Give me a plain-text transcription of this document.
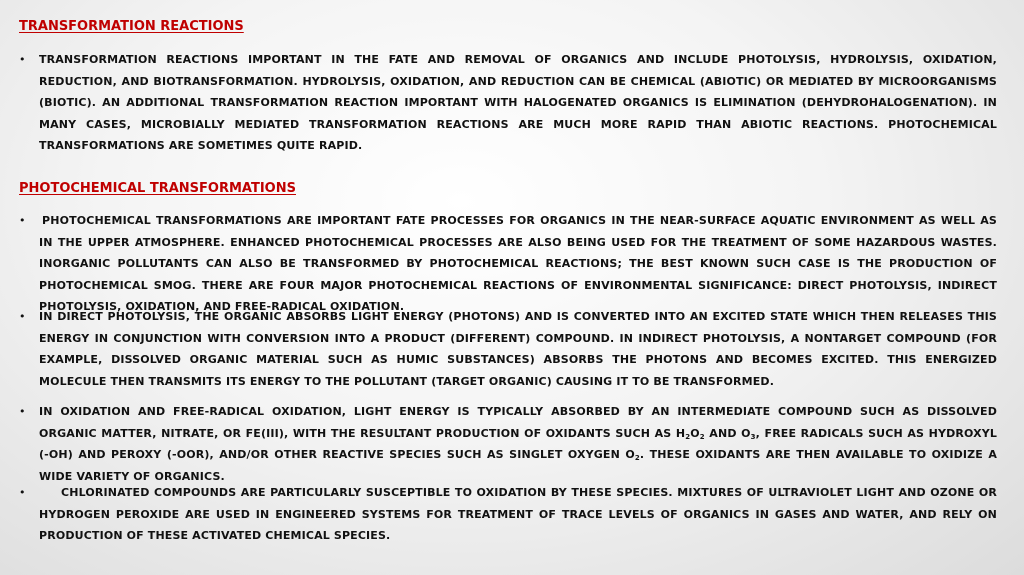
TRANSFORMATION REACTIONS
• TRANSFORMATION REACTIONS IMPORTANT IN THE FATE AND REMOVAL OF ORGANICS AND INCLUDE PHOTOLYSIS, HYDROLYSIS, OXIDATION, REDUCTION, AND BIOTRANSFORMATION. HYDROLYSIS, OXIDATION, AND REDUCTION CAN BE CHEMICAL (ABIOTIC) OR MEDIATED BY MICROORGANISMS (BIOTIC). AN ADDITIONAL TRANSFORMATION REACTION IMPORTANT WITH HALOGENATED ORGANICS IS ELIMINATION (DEHYDROHALOGENATION). IN MANY CASES, MICROBIALLY MEDIATED TRANSFORMATION REACTIONS ARE MUCH MORE RAPID THAN ABIOTIC REACTIONS. PHOTOCHEMICAL TRANSFORMATIONS ARE SOMETIMES QUITE RAPID.
PHOTOCHEMICAL TRANSFORMATIONS
• PHOTOCHEMICAL TRANSFORMATIONS ARE IMPORTANT FATE PROCESSES FOR ORGANICS IN THE NEAR-SURFACE AQUATIC ENVIRONMENT AS WELL AS IN THE UPPER ATMOSPHERE. ENHANCED PHOTOCHEMICAL PROCESSES ARE ALSO BEING USED FOR THE TREATMENT OF SOME HAZARDOUS WASTES. INORGANIC POLLUTANTS CAN ALSO BE TRANSFORMED BY PHOTOCHEMICAL REACTIONS; THE BEST KNOWN SUCH CASE IS THE PRODUCTION OF PHOTOCHEMICAL SMOG. THERE ARE FOUR MAJOR PHOTOCHEMICAL REACTIONS OF ENVIRONMENTAL SIGNIFICANCE: DIRECT PHOTOLYSIS, INDIRECT PHOTOLYSIS, OXIDATION, AND FREE-RADICAL OXIDATION.
• IN DIRECT PHOTOLYSIS, THE ORGANIC ABSORBS LIGHT ENERGY (PHOTONS) AND IS CONVERTED INTO AN EXCITED STATE WHICH THEN RELEASES THIS ENERGY IN CONJUNCTION WITH CONVERSION INTO A PRODUCT (DIFFERENT) COMPOUND. IN INDIRECT PHOTOLYSIS, A NONTARGET COMPOUND (FOR EXAMPLE, DISSOLVED ORGANIC MATERIAL SUCH AS HUMIC SUBSTANCES) ABSORBS THE PHOTONS AND BECOMES EXCITED. THIS ENERGIZED MOLECULE THEN TRANSMITS ITS ENERGY TO THE POLLUTANT (TARGET ORGANIC) CAUSING IT TO BE TRANSFORMED.
• IN OXIDATION AND FREE-RADICAL OXIDATION, LIGHT ENERGY IS TYPICALLY ABSORBED BY AN INTERMEDIATE COMPOUND SUCH AS DISSOLVED ORGANIC MATTER, NITRATE, OR FE(III), WITH THE RESULTANT PRODUCTION OF OXIDANTS SUCH AS $H_2O_2$ AND $O_3$, FREE RADICALS SUCH AS HYDROXYL (-OH) AND PEROXY (-OOR), AND/OR OTHER REACTIVE SPECIES SUCH AS SINGLET OXYGEN $O_2$. THESE OXIDANTS ARE THEN AVAILABLE TO OXIDIZE A WIDE VARIETY OF ORGANICS.
•	CHLORINATED COMPOUNDS ARE PARTICULARLY SUSCEPTIBLE TO OXIDATION BY THESE SPECIES. MIXTURES OF ULTRAVIOLET LIGHT AND OZONE OR HYDROGEN PEROXIDE ARE USED IN ENGINEERED SYSTEMS FOR TREATMENT OF TRACE LEVELS OF ORGANICS IN GASES AND WATER, AND RELY ON PRODUCTION OF THESE ACTIVATED CHEMICAL SPECIES.
